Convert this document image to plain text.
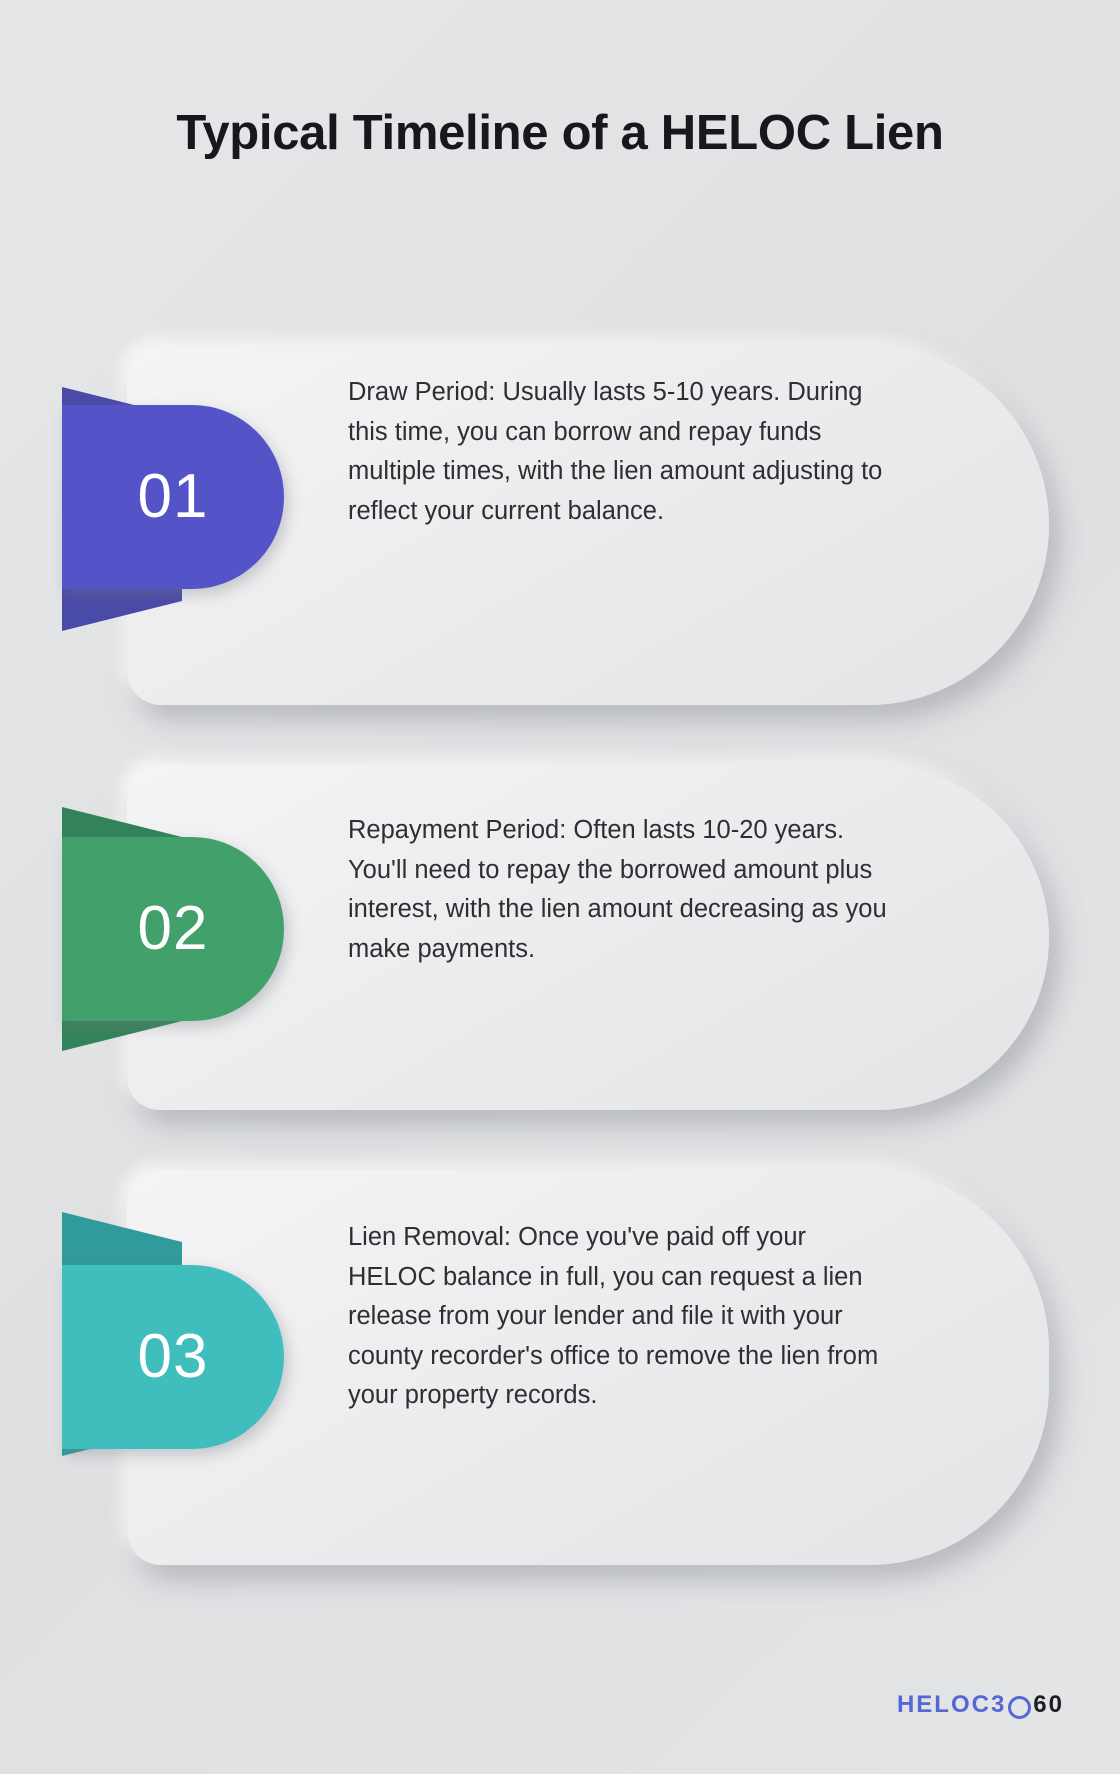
Typical Timeline of a HELOC Lien
01
Draw Period: Usually lasts 5-10 years. During this time, you can borrow and repay funds multiple times, with the lien amount adjusting to reflect your current balance.
02
Repayment Period: Often lasts 10-20 years. You'll need to repay the borrowed amount plus interest, with the lien amount decreasing as you make payments.
03
Lien Removal: Once you've paid off your HELOC balance in full, you can request a lien release from your lender and file it with your county recorder's office to remove the lien from your property records.
HELOC 3 60
